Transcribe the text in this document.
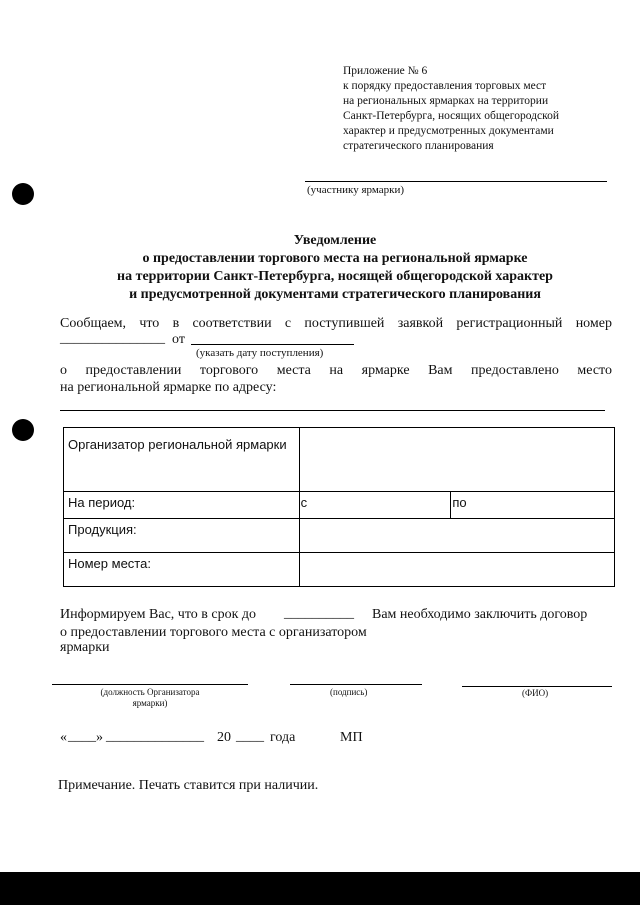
Приложение № 6
к порядку предоставления торговых мест
на региональных ярмарках на территории
Санкт-Петербурга, носящих общегородской
характер и предусмотренных документами
стратегического планирования
(участнику ярмарки)
Уведомление
о предоставлении торгового места на региональной ярмарке
на территории Санкт-Петербурга, носящей общегородской характер
и предусмотренной документами стратегического планирования
Сообщаем, что в соответствии с поступившей заявкой регистрационный номер
_______________ от
(указать дату поступления)
о предоставлении торгового места на ярмарке Вам предоставлено место
на региональной ярмарке по адресу:
Организатор региональной ярмарки		
На период:	с	по
Продукция:		
Номер места:		
Информируем Вас, что в срок до __________ Вам необходимо заключить договор
о предоставлении торгового места с организатором
ярмарки
(должность Организатора ярмарки)
(подпись)	(ФИО)
« ____ » ______________ 20 ____ года	МП
Примечание. Печать ставится при наличии.
